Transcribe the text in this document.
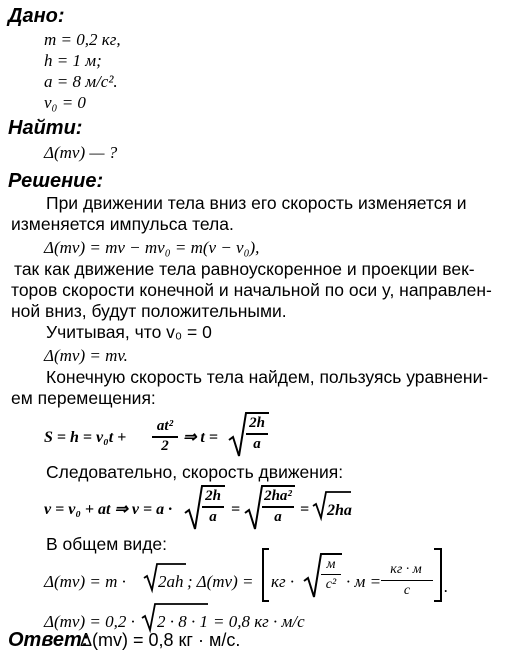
Дано:
m = 0,2 кг,
h = 1 м;
a = 8 м/с².
v₀ = 0
Найти:
Δ(mv) — ?
Решение:
При движении тела вниз его скорость изменяется и
изменяется импульса тела.
Δ(mv) = mv − mv₀ = m(v − v₀),
так как движение тела равноускоренное и проекции век-
торов скорости конечной и начальной по оси y, направлен-
ной вниз, будут положительными.
Учитывая, что v₀ = 0
Δ(mv) = mv.
Конечную скорость тела найдем, пользуясь уравнени-
ем перемещения:
S = h = v₀t +
at²
2 ⇒ t =
2h
a
Следовательно, скорость движения:
v = v₀ + at ⇒ v = a ·
2h
a =
2ha²
a	= 2ha
В общем виде:
Δ(mv) = m · 2ah ; Δ(mv) = кг ·
м
c² · м =
кг · м
c	.
Δ(mv) = 0,2 · 2 · 8 · 1 = 0,8 кг · м/с
Ответ:
Δ(mv) = 0,8 кг · м/с.
